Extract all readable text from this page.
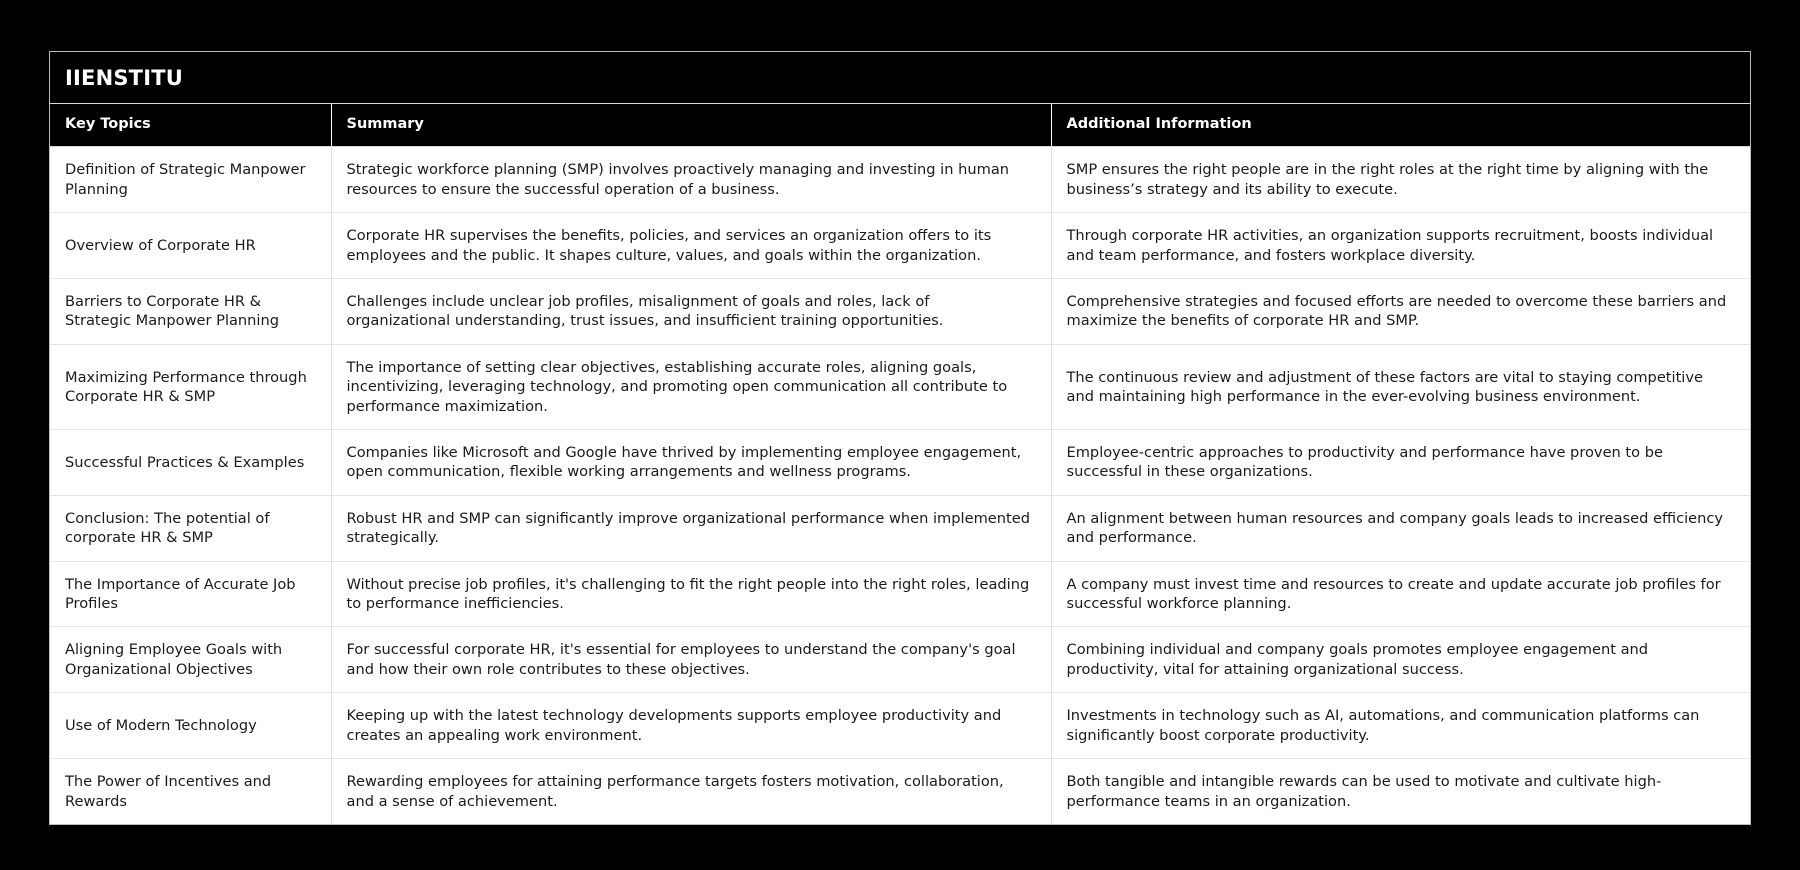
IIENSTITU
Key Topics	Summary	Additional Information
Definition of Strategic Manpower Planning	Strategic workforce planning (SMP) involves proactively managing and investing in human resources to ensure the successful operation of a business.	SMP ensures the right people are in the right roles at the right time by aligning with the business’s strategy and its ability to execute.
Overview of Corporate HR	Corporate HR supervises the benefits, policies, and services an organization offers to its employees and the public. It shapes culture, values, and goals within the organization.	Through corporate HR activities, an organization supports recruitment, boosts individual and team performance, and fosters workplace diversity.
Barriers to Corporate HR & Strategic Manpower Planning	Challenges include unclear job profiles, misalignment of goals and roles, lack of organizational understanding, trust issues, and insufficient training opportunities.	Comprehensive strategies and focused efforts are needed to overcome these barriers and maximize the benefits of corporate HR and SMP.
Maximizing Performance through Corporate HR & SMP	The importance of setting clear objectives, establishing accurate roles, aligning goals, incentivizing, leveraging technology, and promoting open communication all contribute to performance maximization.	The continuous review and adjustment of these factors are vital to staying competitive and maintaining high performance in the ever-evolving business environment.
Successful Practices & Examples	Companies like Microsoft and Google have thrived by implementing employee engagement, open communication, flexible working arrangements and wellness programs.	Employee-centric approaches to productivity and performance have proven to be successful in these organizations.
Conclusion: The potential of corporate HR & SMP	Robust HR and SMP can significantly improve organizational performance when implemented strategically.	An alignment between human resources and company goals leads to increased efficiency and performance.
The Importance of Accurate Job Profiles	Without precise job profiles, it's challenging to fit the right people into the right roles, leading to performance inefficiencies.	A company must invest time and resources to create and update accurate job profiles for successful workforce planning.
Aligning Employee Goals with Organizational Objectives	For successful corporate HR, it's essential for employees to understand the company's goal and how their own role contributes to these objectives.	Combining individual and company goals promotes employee engagement and productivity, vital for attaining organizational success.
Use of Modern Technology	Keeping up with the latest technology developments supports employee productivity and creates an appealing work environment.	Investments in technology such as AI, automations, and communication platforms can significantly boost corporate productivity.
The Power of Incentives and Rewards	Rewarding employees for attaining performance targets fosters motivation, collaboration, and a sense of achievement.	Both tangible and intangible rewards can be used to motivate and cultivate high-performance teams in an organization.
